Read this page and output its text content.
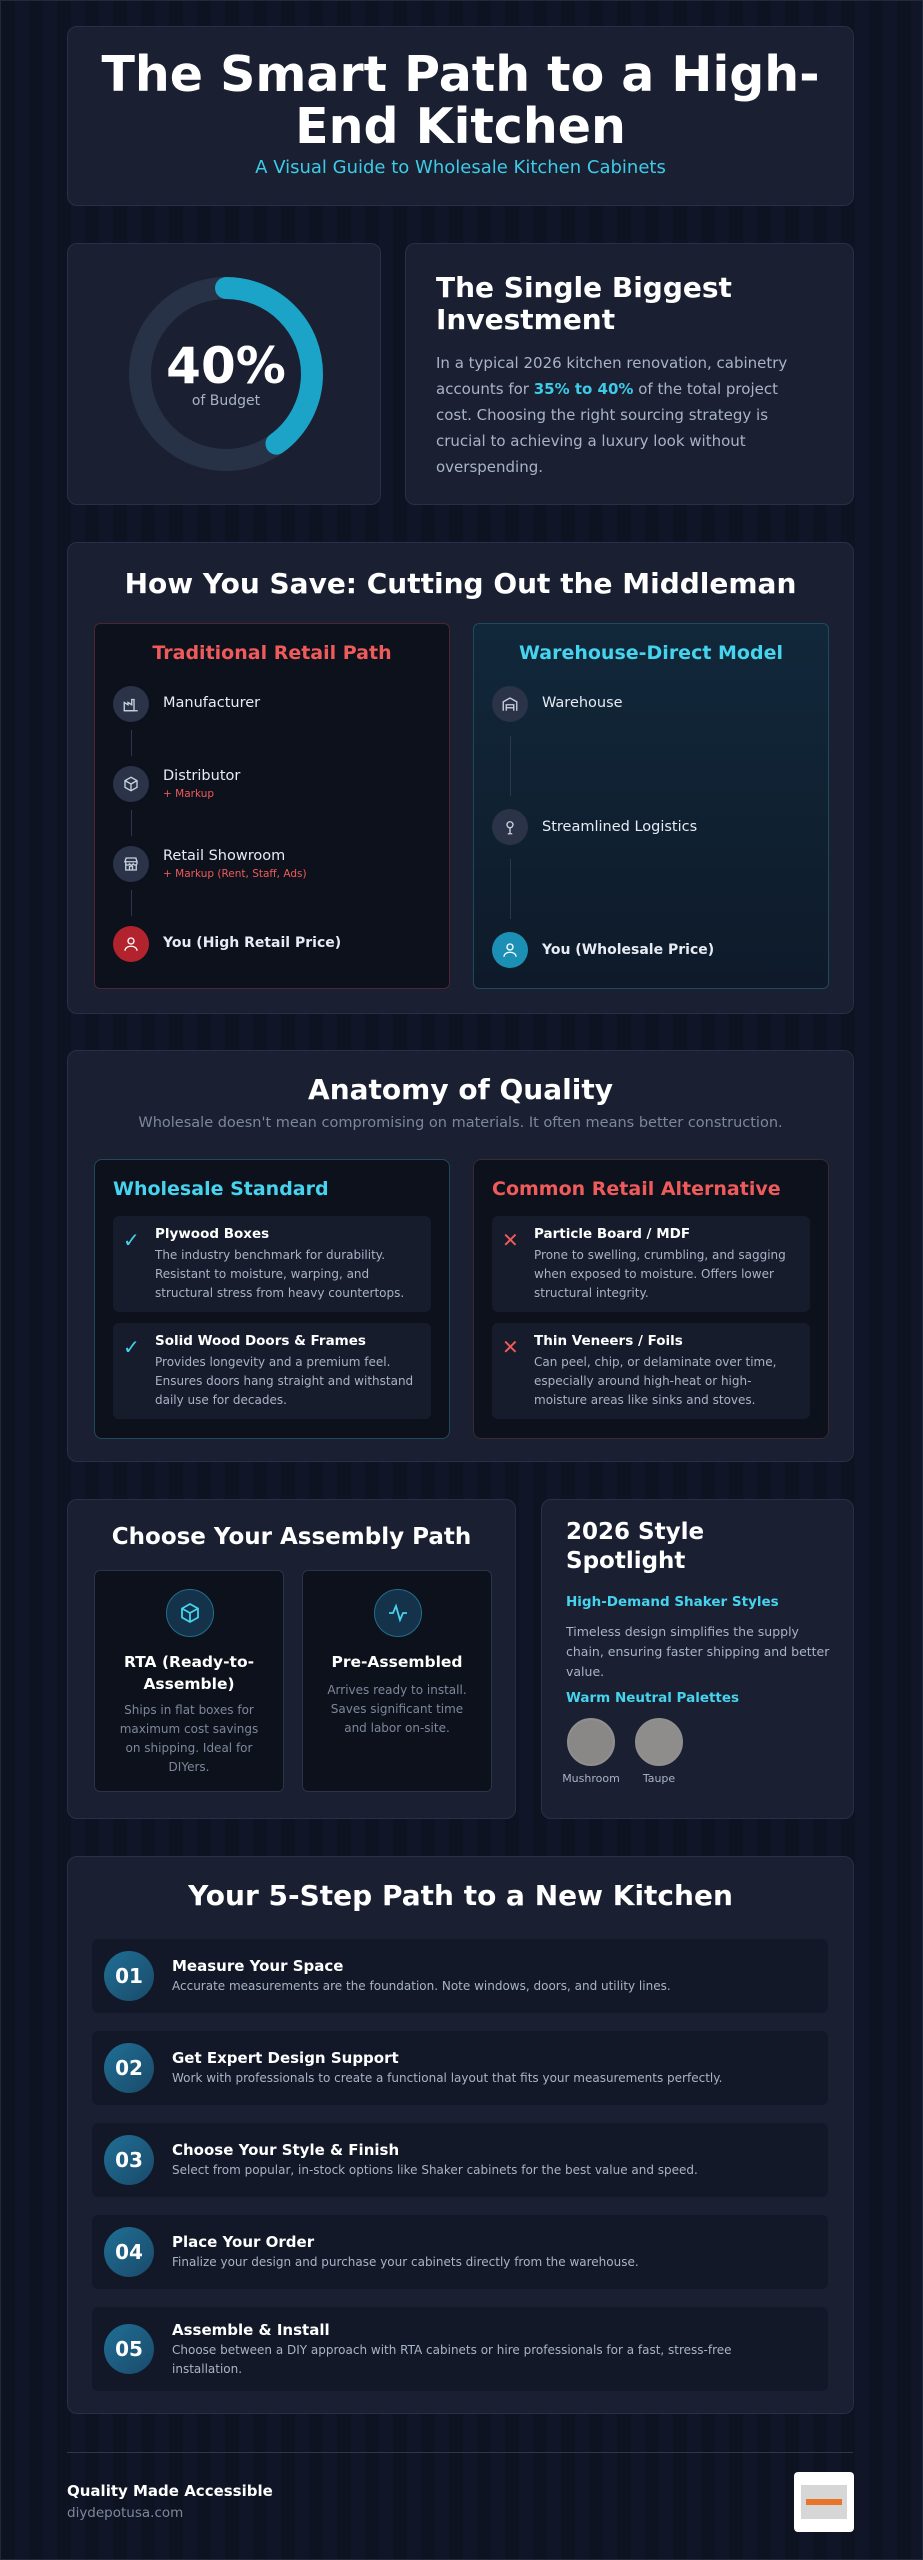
The Smart Path to a High-
End Kitchen
A Visual Guide to Wholesale Kitchen Cabinets
40%
of Budget
The Single Biggest Investment
In a typical 2026 kitchen renovation, cabinetry accounts for 35% to 40% of the total project cost. Choosing the right sourcing strategy is crucial to achieving a luxury look without overspending.
How You Save: Cutting Out the Middleman
Traditional Retail Path
Manufacturer
Distributor
+ Markup
Retail Showroom
+ Markup (Rent, Staff, Ads)
You (High Retail Price)
Warehouse-Direct Model
Warehouse
Streamlined Logistics
You (Wholesale Price)
Anatomy of Quality
Wholesale doesn't mean compromising on materials. It often means better construction.
Wholesale Standard
✓ Plywood Boxes
The industry benchmark for durability. Resistant to moisture, warping, and structural stress from heavy countertops.
✓ Solid Wood Doors & Frames
Provides longevity and a premium feel. Ensures doors hang straight and withstand daily use for decades.
Common Retail Alternative
✕ Particle Board / MDF
Prone to swelling, crumbling, and sagging when exposed to moisture. Offers lower structural integrity.
✕ Thin Veneers / Foils
Can peel, chip, or delaminate over time, especially around high-heat or high-moisture areas like sinks and stoves.
Choose Your Assembly Path
RTA (Ready-to-Assemble)
Ships in flat boxes for maximum cost savings on shipping. Ideal for DIYers.
Pre-Assembled
Arrives ready to install. Saves significant time and labor on-site.
2026 Style Spotlight
High-Demand Shaker Styles
Timeless design simplifies the supply chain, ensuring faster shipping and better value.
Warm Neutral Palettes
Mushroom	Taupe
Your 5-Step Path to a New Kitchen
01	Measure Your Space
Accurate measurements are the foundation. Note windows, doors, and utility lines.
02	Get Expert Design Support
Work with professionals to create a functional layout that fits your measurements perfectly.
03	Choose Your Style & Finish
Select from popular, in-stock options like Shaker cabinets for the best value and speed.
04	Place Your Order
Finalize your design and purchase your cabinets directly from the warehouse.
05
Assemble & Install
Choose between a DIY approach with RTA cabinets or hire professionals for a fast, stress-free installation.
Quality Made Accessible
diydepotusa.com
